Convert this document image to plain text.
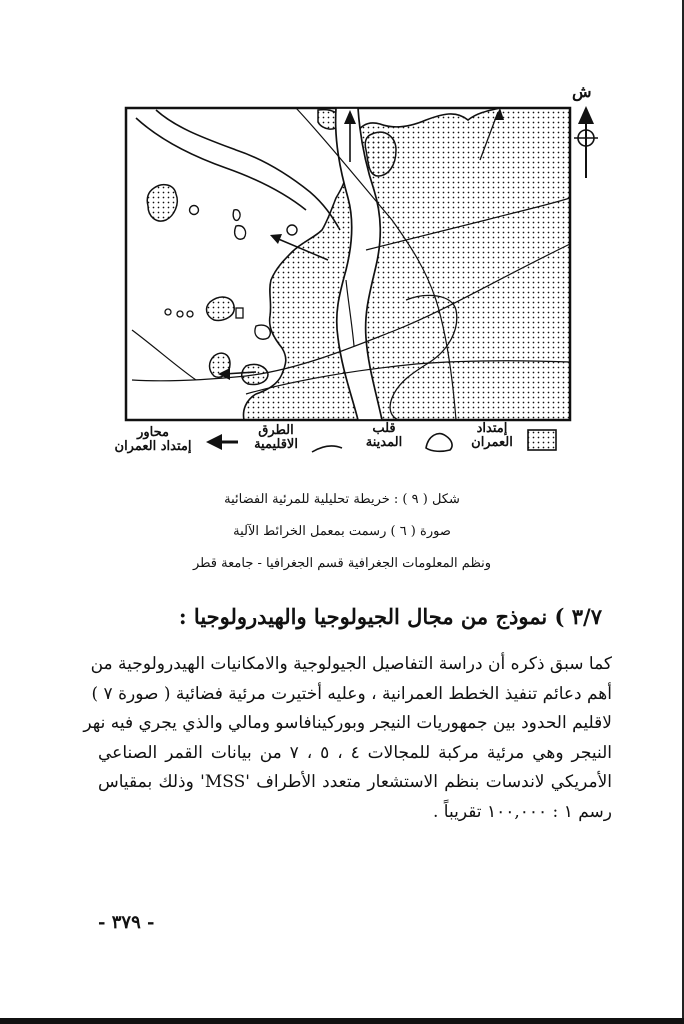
ش
إمتداد
العمران
قلب
المدينة
الطرق
الاقليمية
محاور
إمتداد العمران
شكل ( ٩ ) : خريطة تحليلية للمرئية الفضائية
صورة ( ٦ ) رسمت بمعمل الخرائط الآلية
ونظم المعلومات الجغرافية قسم الجغرافيا - جامعة قطر
٣/٧ ) نموذج من مجال الجيولوجيا والهيدرولوجيا :
كما سبق ذكره أن دراسة التفاصيل الجيولوجية والامكانيات الهيدرولوجية من
أهم دعائم تنفيذ الخطط العمرانية ، وعليه أختيرت مرئية فضائية ( صورة ٧ )
لاقليم الحدود بين جمهوريات النيجر وبوركينافاسو ومالي والذي يجري فيه نهر
النيجر وهي مرئية مركبة للمجالات ٤ ، ٥ ، ٧ من بيانات القمر الصناعي
الأمريكي لاندسات بنظم الاستشعار متعدد الأطراف 'MSS' وذلك بمقياس
رسم ١ : ١٠٠,٠٠٠ تقريباً .
- ٣٧٩ -
